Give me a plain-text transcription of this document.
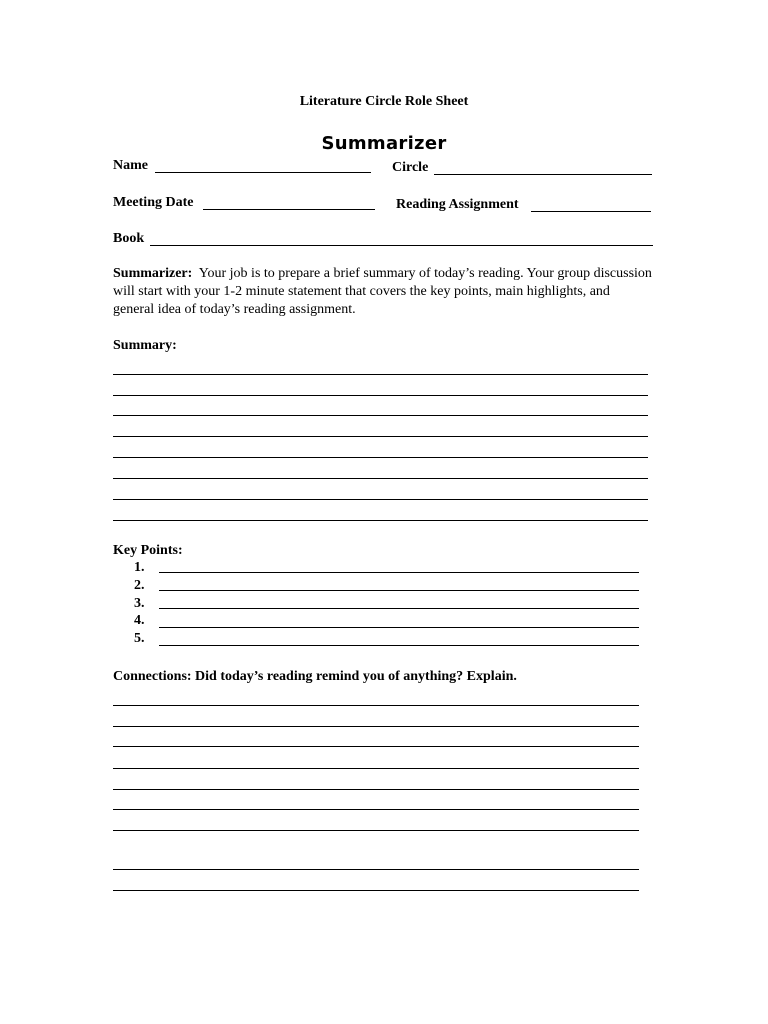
Literature Circle Role Sheet
Summarizer
Name	Circle
Meeting Date	Reading Assignment
Book
Summarizer: Your job is to prepare a brief summary of today’s reading. Your group discussion will start with your 1-2 minute statement that covers the key points, main highlights, and general idea of today’s reading assignment.
Summary:
Key Points:
1.
2.
3.
4.
5.
Connections: Did today’s reading remind you of anything? Explain.
